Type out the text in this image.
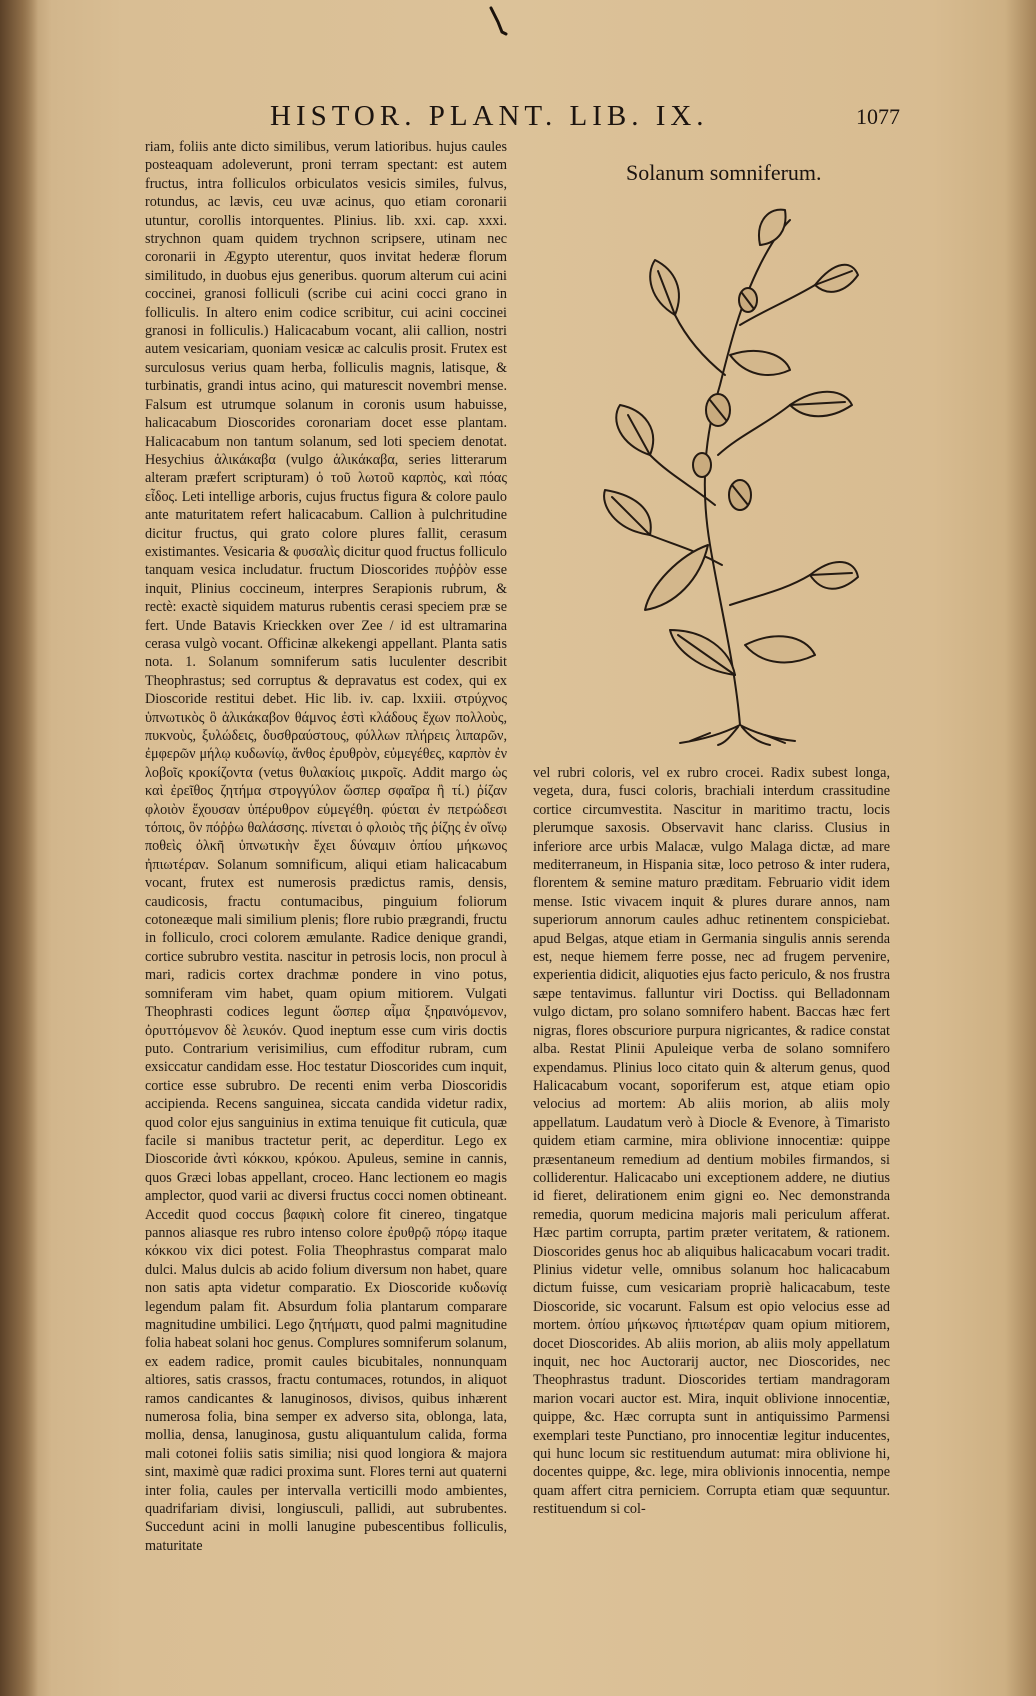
HISTOR. PLANT. LIB. IX.	1077

riam, foliis ante dicto similibus, verum latioribus. hujus caules posteaquam adoleverunt, proni terram spectant: est autem fructus, intra folliculos orbiculatos vesicis similes, fulvus, rotundus, ac lævis, ceu uvæ acinus, quo etiam coronarii utuntur, corollis intorquentes. Plinius. lib. xxi. cap. xxxi. strychnon quam quidem trychnon scripsere, utinam nec coronarii in Ægypto uterentur, quos invitat hederæ florum similitudo, in duobus ejus generibus. quorum alterum cui acini coccinei, granosi folliculi (scribe cui acini cocci grano in folliculis. In altero enim codice scribitur, cui acini coccinei granosi in folliculis.) Halicacabum vocant, alii callion, nostri autem vesicariam, quoniam vesicæ ac calculis prosit. Frutex est surculosus verius quam herba, folliculis magnis, latisque, & turbinatis, grandi intus acino, qui maturescit novembri mense. Falsum est utrumque solanum in coronis usum habuisse, halicacabum Dioscorides coronariam docet esse plantam. Halicacabum non tantum solanum, sed loti speciem denotat. Hesychius ἁλικάκαβα (vulgo ἁλικάκαβα, series litterarum alteram præfert scripturam) ὁ τοῦ λωτοῦ καρπὸς, καὶ πόας εἶδος. Leti intellige arboris, cujus fructus figura & colore paulo ante maturitatem refert halicacabum. Callion à pulchritudine dicitur fructus, qui grato colore plures fallit, cerasum existimantes. Vesicaria & φυσαλὶς dicitur quod fructus folliculo tanquam vesica includatur. fructum Dioscorides πυῤῥὸν esse inquit, Plinius coccineum, interpres Serapionis rubrum, & rectè: exactè siquidem maturus rubentis cerasi speciem præ se fert. Unde Batavis Krieckken over Zee / id est ultramarina cerasa vulgò vocant. Officinæ alkekengi appellant. Planta satis nota. 1. Solanum somniferum satis luculenter describit Theophrastus; sed corruptus & depravatus est codex, qui ex Dioscoride restitui debet. Hic lib. iv. cap. lxxiii. στρύχνος ὑπνωτικὸς ὃ ἁλικάκαβον θάμνος ἐστὶ κλάδους ἔχων πολλοὺς, πυκνοὺς, ξυλώδεις, δυσθραύστους, φύλλων πλήρεις λιπαρῶν, ἐμφερῶν μήλῳ κυδωνίῳ, ἄνθος ἐρυθρὸν, εὐμεγέθες, καρπὸν ἐν λοβοῖς κροκίζοντα (vetus θυλακίοις μικροῖς. Addit margo ὡς καὶ ἐρεῖθος ζητήμα στρογγύλον ὥσπερ σφαῖρα ἢ τί.) ῥίζαν φλοιὸν ἔχουσαν ὑπέρυθρον εὐμεγέθη. φύεται ἐν πετρώδεσι τόποις, ὃν πόῤῥω θαλάσσης. πίνεται ὁ φλοιὸς τῆς ῥίζης ἐν οἴνῳ ποθεὶς ὀλκῆ ὑπνωτικὴν ἔχει δύναμιν ὀπίου μήκωνος ἠπιωτέραν. Solanum somnificum, aliqui etiam halicacabum vocant, frutex est numerosis prædictus ramis, densis, caudicosis, fractu contumacibus, pinguium foliorum cotoneæque mali similium plenis; flore rubio prægrandi, fructu in folliculo, croci colorem æmulante. Radice denique grandi, cortice subrubro vestita. nascitur in petrosis locis, non procul à mari, radicis cortex drachmæ pondere in vino potus, somniferam vim habet, quam opium mitiorem. Vulgati Theophrasti codices legunt ὥσπερ αἷμα ξηραινόμενον, ὀρυττόμενον δὲ λευκόν. Quod ineptum esse cum viris doctis puto. Contrarium verisimilius, cum effoditur rubram, cum exsiccatur candidam esse. Hoc testatur Dioscorides cum inquit, cortice esse subrubro. De recenti enim verba Dioscoridis accipienda. Recens sanguinea, siccata candida videtur radix, quod color ejus sanguinius in extima tenuique fit cuticula, quæ facile si manibus tractetur perit, ac deperditur. Lego ex Dioscoride ἀντὶ κόκκου, κρόκου. Apuleus, semine in cannis, quos Græci lobas appellant, croceo. Hanc lectionem eo magis amplector, quod varii ac diversi fructus cocci nomen obtineant. Accedit quod coccus βαφικὴ colore fit cinereo, tingatque pannos aliasque res rubro intenso colore ἐρυθρῷ πόρῳ itaque κόκκου vix dici potest. Folia Theophrastus comparat malo dulci. Malus dulcis ab acido folium diversum non habet, quare non satis apta videtur comparatio. Ex Dioscoride κυδωνίᾳ legendum palam fit. Absurdum folia plantarum comparare magnitudine umbilici. Lego ζητήματι, quod palmi magnitudine folia habeat solani hoc genus. Complures somniferum solanum, ex eadem radice, promit caules bicubitales, nonnunquam altiores, satis crassos, fractu contumaces, rotundos, in aliquot ramos candicantes & lanuginosos, divisos, quibus inhærent numerosa folia, bina semper ex adverso sita, oblonga, lata, mollia, densa, lanuginosa, gustu aliquantulum calida, forma mali cotonei foliis satis similia; nisi quod longiora & majora sint, maximè quæ radici proxima sunt. Flores terni aut quaterni inter folia, caules per intervalla verticilli modo ambientes, quadrifariam divisi, longiusculi, pallidi, aut subrubentes. Succedunt acini in molli lanugine pubescentibus folliculis, maturitate

Solanum somniferum.

vel rubri coloris, vel ex rubro crocei. Radix subest longa, vegeta, dura, fusci coloris, brachiali interdum crassitudine cortice circumvestita. Nascitur in maritimo tractu, locis plerumque saxosis. Observavit hanc clariss. Clusius in inferiore arce urbis Malacæ, vulgo Malaga dictæ, ad mare mediterraneum, in Hispania sitæ, loco petroso & inter rudera, florentem & semine maturo præditam. Februario vidit idem mense. Istic vivacem inquit & plures durare annos, nam superiorum annorum caules adhuc retinentem conspiciebat. apud Belgas, atque etiam in Germania singulis annis serenda est, neque hiemem ferre posse, nec ad frugem pervenire, experientia didicit, aliquoties ejus facto periculo, & nos frustra sæpe tentavimus. falluntur viri Doctiss. qui Belladonnam vulgo dictam, pro solano somnifero habent. Baccas hæc fert nigras, flores obscuriore purpura nigricantes, & radice constat alba. Restat Plinii Apuleique verba de solano somnifero expendamus. Plinius loco citato quin & alterum genus, quod Halicacabum vocant, soporiferum est, atque etiam opio velocius ad mortem: Ab aliis morion, ab aliis moly appellatum. Laudatum verò à Diocle & Evenore, à Timaristo quidem etiam carmine, mira oblivione innocentiæ: quippe præsentaneum remedium ad dentium mobiles firmandos, si colliderentur. Halicacabo uni exceptionem addere, ne diutius id fieret, delirationem enim gigni eo. Nec demonstranda remedia, quorum medicina majoris mali periculum afferat. Hæc partim corrupta, partim præter veritatem, & rationem. Dioscorides genus hoc ab aliquibus halicacabum vocari tradit. Plinius videtur velle, omnibus solanum hoc halicacabum dictum fuisse, cum vesicariam propriè halicacabum, teste Dioscoride, sic vocarunt. Falsum est opio velocius esse ad mortem. ὀπίου μήκωνος ἠπιωτέραν quam opium mitiorem, docet Dioscorides. Ab aliis morion, ab aliis moly appellatum inquit, nec hoc Auctorarij auctor, nec Dioscorides, nec Theophrastus tradunt. Dioscorides tertiam mandragoram marion vocari auctor est. Mira, inquit oblivione innocentiæ, quippe, &c. Hæc corrupta sunt in antiquissimo Parmensi exemplari teste Punctiano, pro innocentiæ legitur inducentes, qui hunc locum sic restituendum autumat: mira oblivione hi, docentes quippe, &c. lege, mira oblivionis innocentia, nempe quam affert citra perniciem. Corrupta etiam quæ sequuntur. restituendum si col-
